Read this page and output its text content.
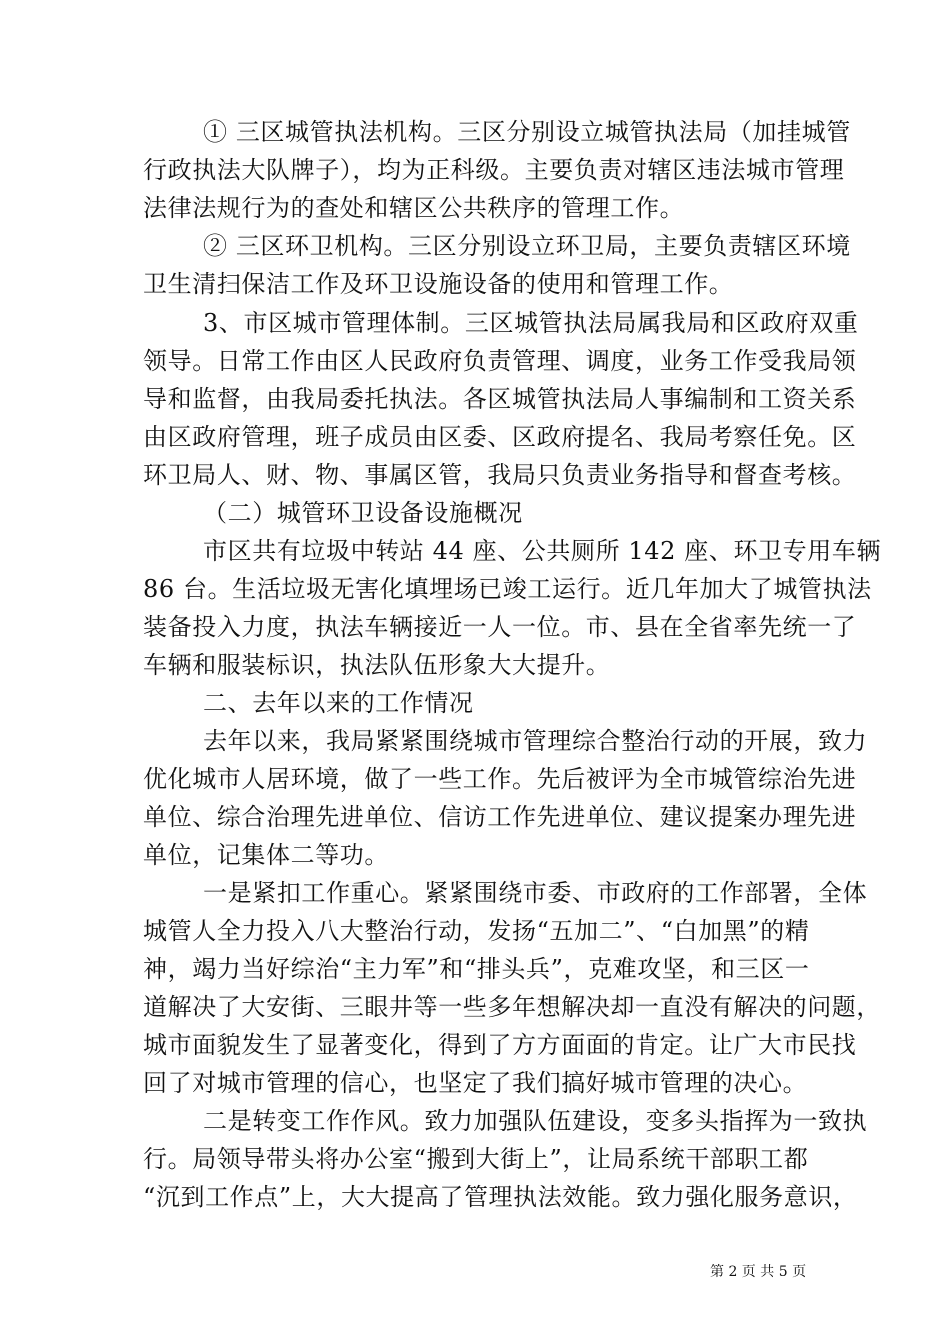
① 三区城管执法机构。三区分别设立城管执法局（加挂城管
行政执法大队牌子），均为正科级。主要负责对辖区违法城市管理
法律法规行为的查处和辖区公共秩序的管理工作。
② 三区环卫机构。三区分别设立环卫局，主要负责辖区环境
卫生清扫保洁工作及环卫设施设备的使用和管理工作。
3、市区城市管理体制。三区城管执法局属我局和区政府双重
领导。日常工作由区人民政府负责管理、调度，业务工作受我局领
导和监督，由我局委托执法。各区城管执法局人事编制和工资关系
由区政府管理，班子成员由区委、区政府提名、我局考察任免。区
环卫局人、财、物、事属区管，我局只负责业务指导和督查考核。
（二）城管环卫设备设施概况
市区共有垃圾中转站 44 座、公共厕所 142 座、环卫专用车辆
86 台。生活垃圾无害化填埋场已竣工运行。近几年加大了城管执法
装备投入力度，执法车辆接近一人一位。市、县在全省率先统一了
车辆和服装标识，执法队伍形象大大提升。
二、去年以来的工作情况
去年以来，我局紧紧围绕城市管理综合整治行动的开展，致力
优化城市人居环境，做了一些工作。先后被评为全市城管综治先进
单位、综合治理先进单位、信访工作先进单位、建议提案办理先进
单位，记集体二等功。
一是紧扣工作重心。紧紧围绕市委、市政府的工作部署，全体
城管人全力投入八大整治行动，发扬“五加二”、“白加黑”的精
神，竭力当好综治“主力军”和“排头兵”，克难攻坚，和三区一
道解决了大安街、三眼井等一些多年想解决却一直没有解决的问题，
城市面貌发生了显著变化，得到了方方面面的肯定。让广大市民找
回了对城市管理的信心，也坚定了我们搞好城市管理的决心。
二是转变工作作风。致力加强队伍建设，变多头指挥为一致执
行。局领导带头将办公室“搬到大街上”，让局系统干部职工都
“沉到工作点”上，大大提高了管理执法效能。致力强化服务意识，
第 2 页 共 5 页
